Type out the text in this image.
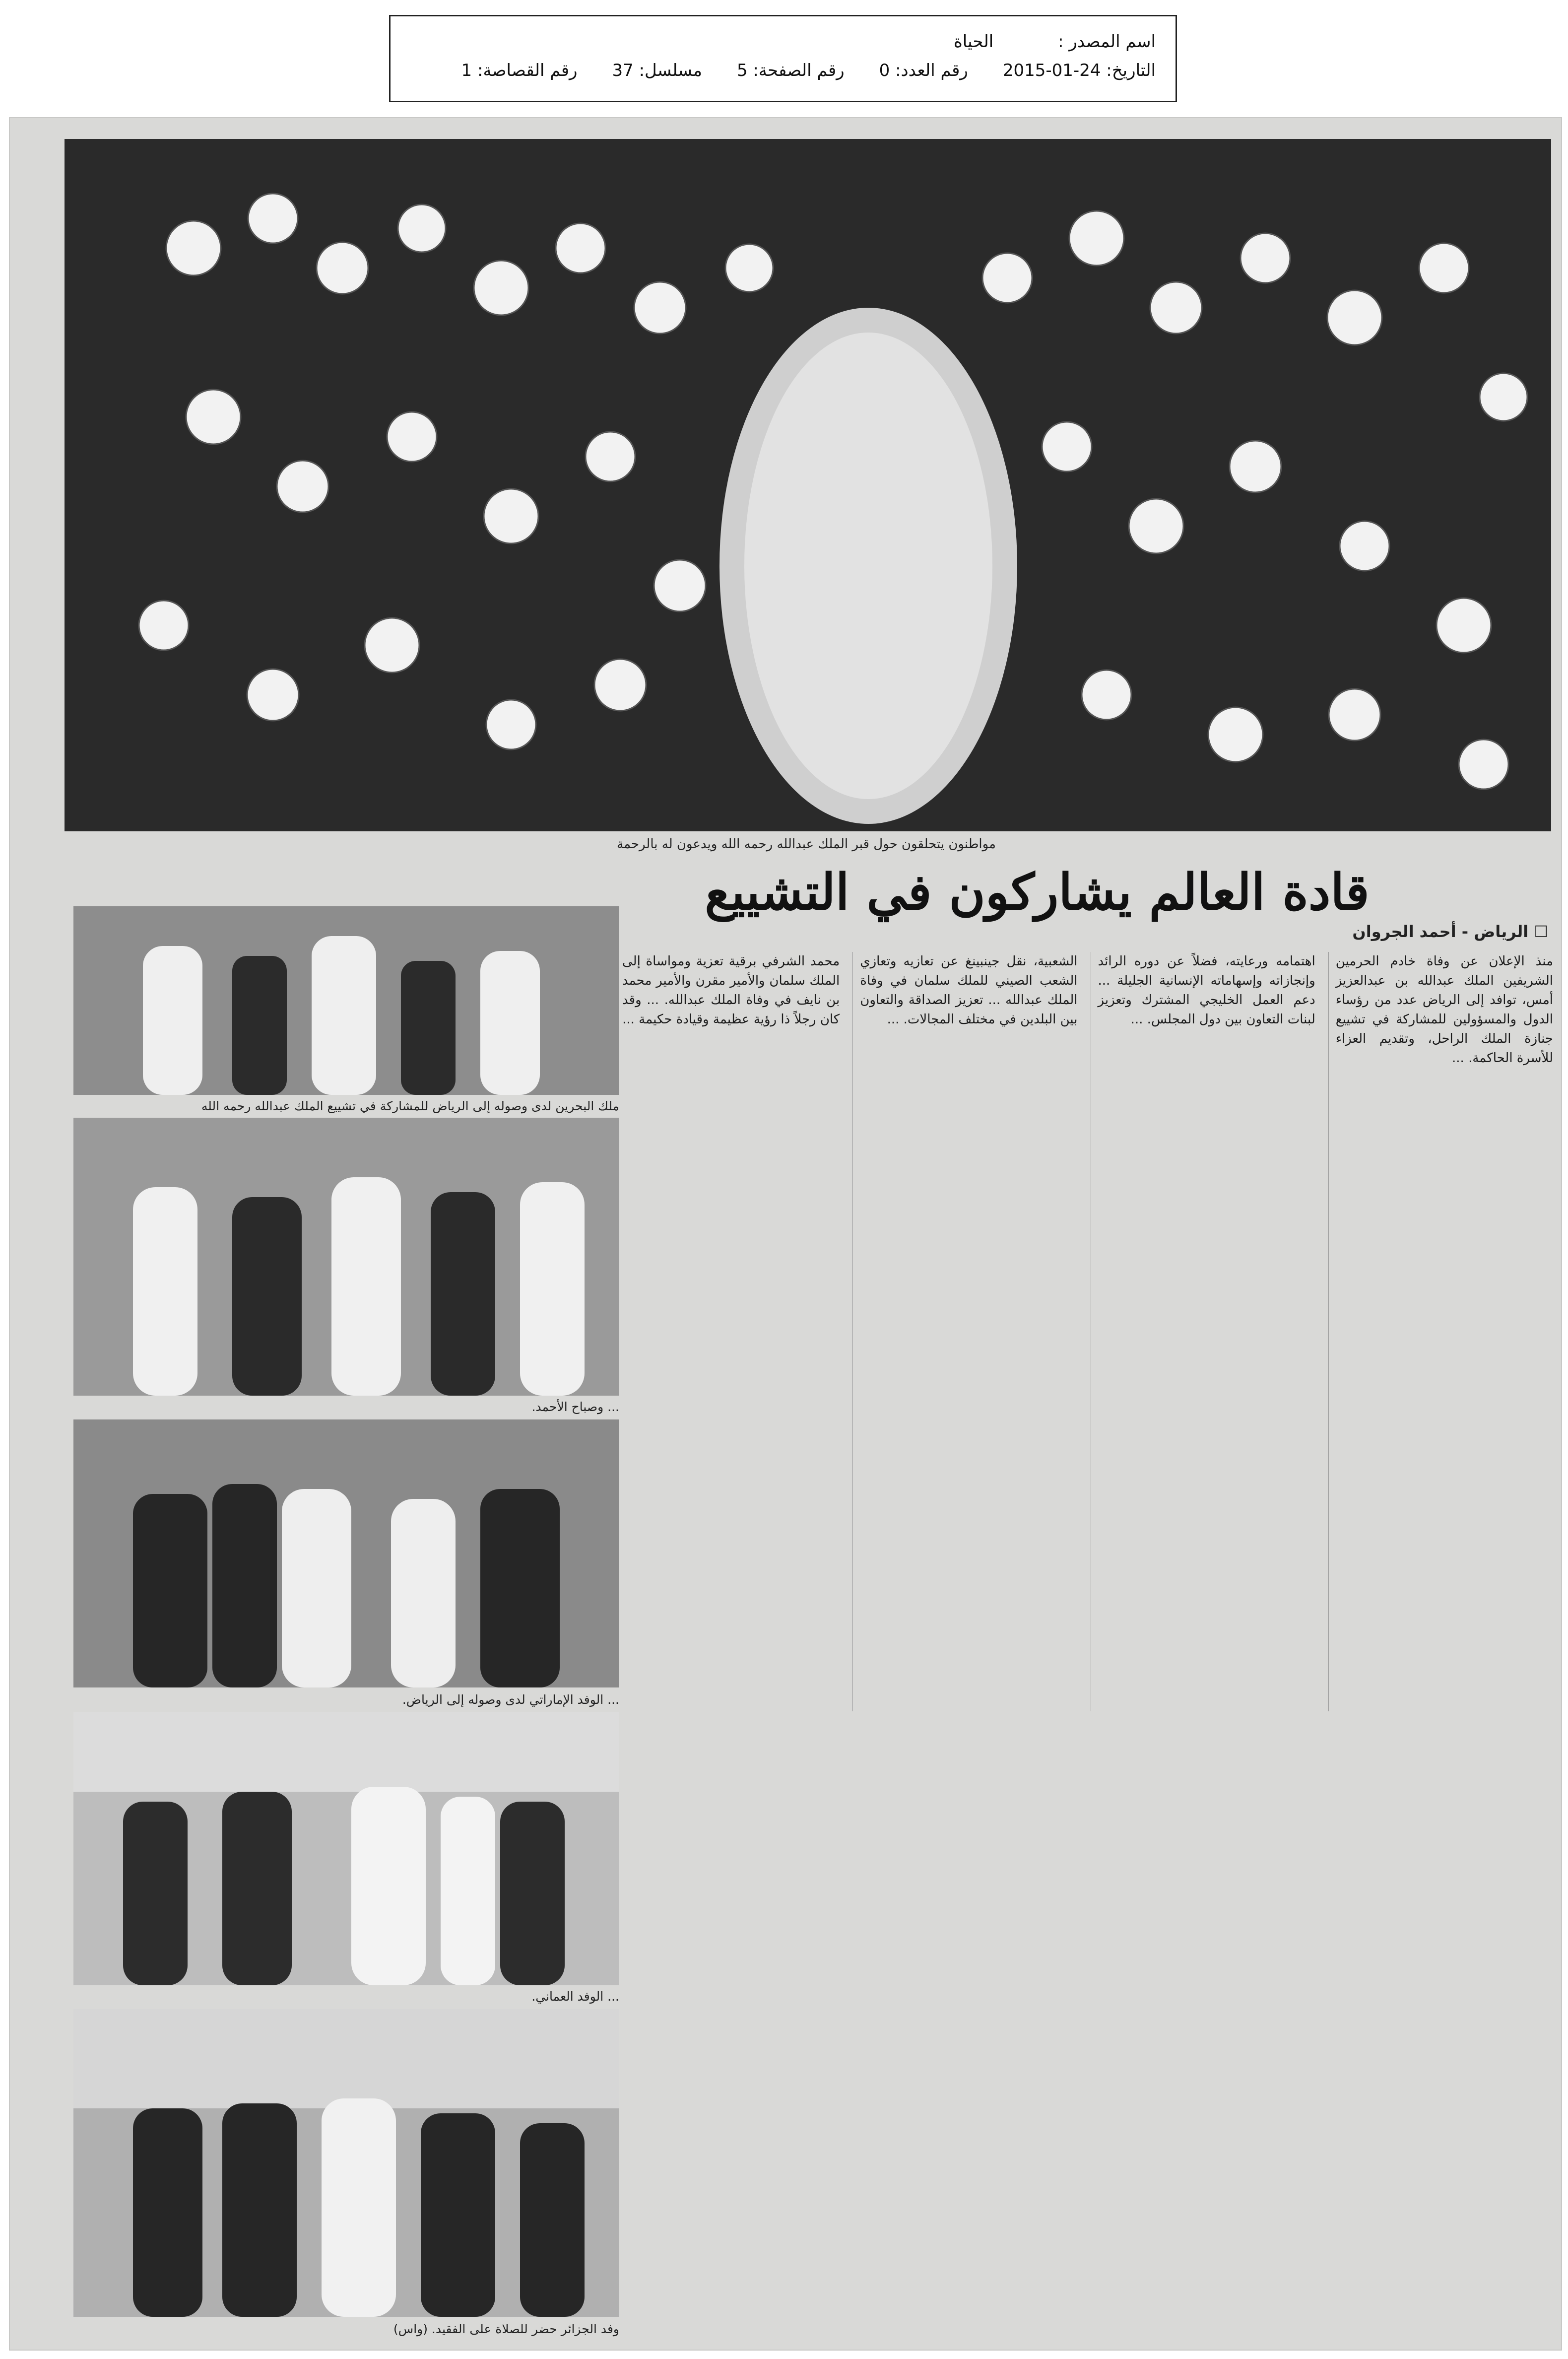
اسم المصدر :
الحياة
التاريخ: 24-01-2015
رقم العدد: 0
رقم الصفحة: 5
مسلسل: 37
رقم القصاصة: 1
مواطنون يتحلقون حول قبر الملك عبدالله رحمه الله ويدعون له بالرحمة
قادة العالم يشاركون في التشييع
☐ الرياض - أحمد الجروان

منذ الإعلان عن وفاة خادم الحرمين الشريفين الملك عبدالله بن عبدالعزيز أمس، توافد إلى الرياض عدد من رؤساء الدول والمسؤولين للمشاركة في تشييع جنازة الملك الراحل، وتقديم العزاء للأسرة الحاكمة. ...

اهتمامه ورعايته، فضلاً عن دوره الرائد وإنجازاته وإسهاماته الإنسانية الجليلة ... دعم العمل الخليجي المشترك وتعزيز لبنات التعاون بين دول المجلس. ...

الشعبية، نقل جينبينغ عن تعازيه وتعازي الشعب الصيني للملك سلمان في وفاة الملك عبدالله ... تعزيز الصداقة والتعاون بين البلدين في مختلف المجالات. ...

محمد الشرفي برقية تعزية ومواساة إلى الملك سلمان والأمير مقرن والأمير محمد بن نايف في وفاة الملك عبدالله. ... وقد كان رجلاً ذا رؤية عظيمة وقيادة حكيمة ...

ملك البحرين لدى وصوله إلى الرياض للمشاركة في تشييع الملك عبدالله رحمه الله
... وصباح الأحمد.
... الوفد الإماراتي لدى وصوله إلى الرياض.
... الوفد العماني.
وفد الجزائر حضر للصلاة على الفقيد. (واس)
